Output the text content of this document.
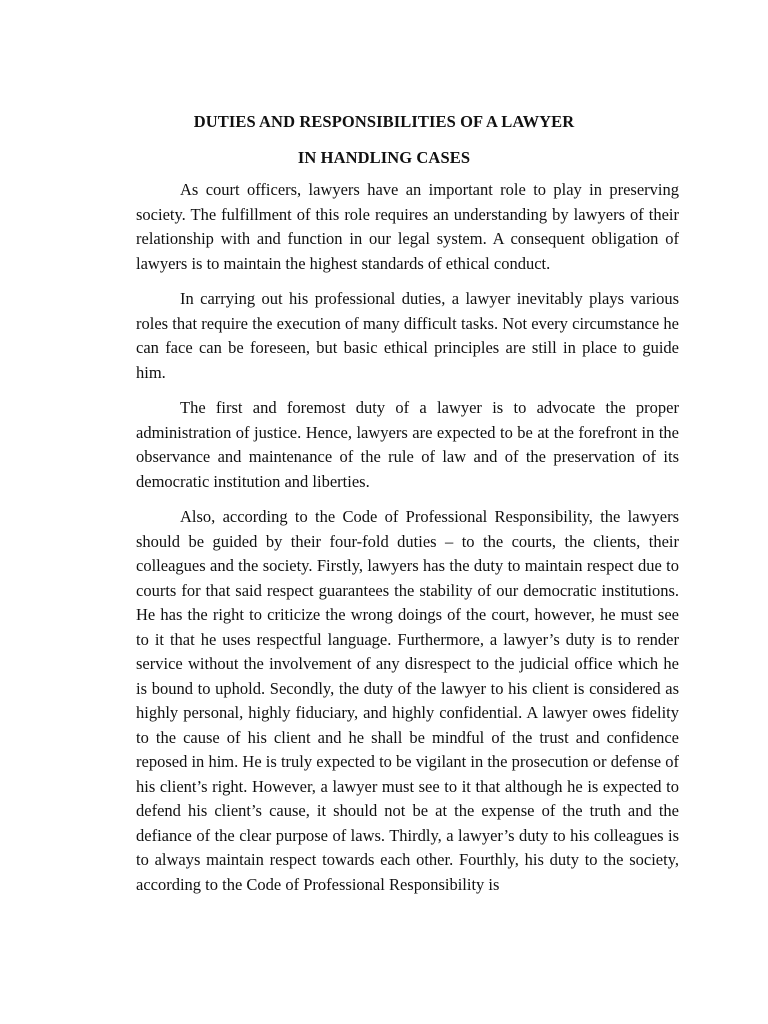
DUTIES AND RESPONSIBILITIES OF A LAWYER
IN HANDLING CASES

As court officers, lawyers have an important role to play in preserving society. The fulfillment of this role requires an understanding by lawyers of their relationship with and function in our legal system. A consequent obligation of lawyers is to maintain the highest standards of ethical conduct.

In carrying out his professional duties, a lawyer inevitably plays various roles that require the execution of many difficult tasks. Not every circumstance he can face can be foreseen, but basic ethical principles are still in place to guide him.

The first and foremost duty of a lawyer is to advocate the proper administration of justice. Hence, lawyers are expected to be at the forefront in the observance and maintenance of the rule of law and of the preservation of its democratic institution and liberties.

Also, according to the Code of Professional Responsibility, the lawyers should be guided by their four-fold duties – to the courts, the clients, their colleagues and the society. Firstly, lawyers has the duty to maintain respect due to courts for that said respect guarantees the stability of our democratic institutions. He has the right to criticize the wrong doings of the court, however, he must see to it that he uses respectful language. Furthermore, a lawyer’s duty is to render service without the involvement of any disrespect to the judicial office which he is bound to uphold. Secondly, the duty of the lawyer to his client is considered as highly personal, highly fiduciary, and highly confidential. A lawyer owes fidelity to the cause of his client and he shall be mindful of the trust and confidence reposed in him. He is truly expected to be vigilant in the prosecution or defense of his client’s right. However, a lawyer must see to it that although he is expected to defend his client’s cause, it should not be at the expense of the truth and the defiance of the clear purpose of laws. Thirdly, a lawyer’s duty to his colleagues is to always maintain respect towards each other. Fourthly, his duty to the society, according to the Code of Professional Responsibility is
